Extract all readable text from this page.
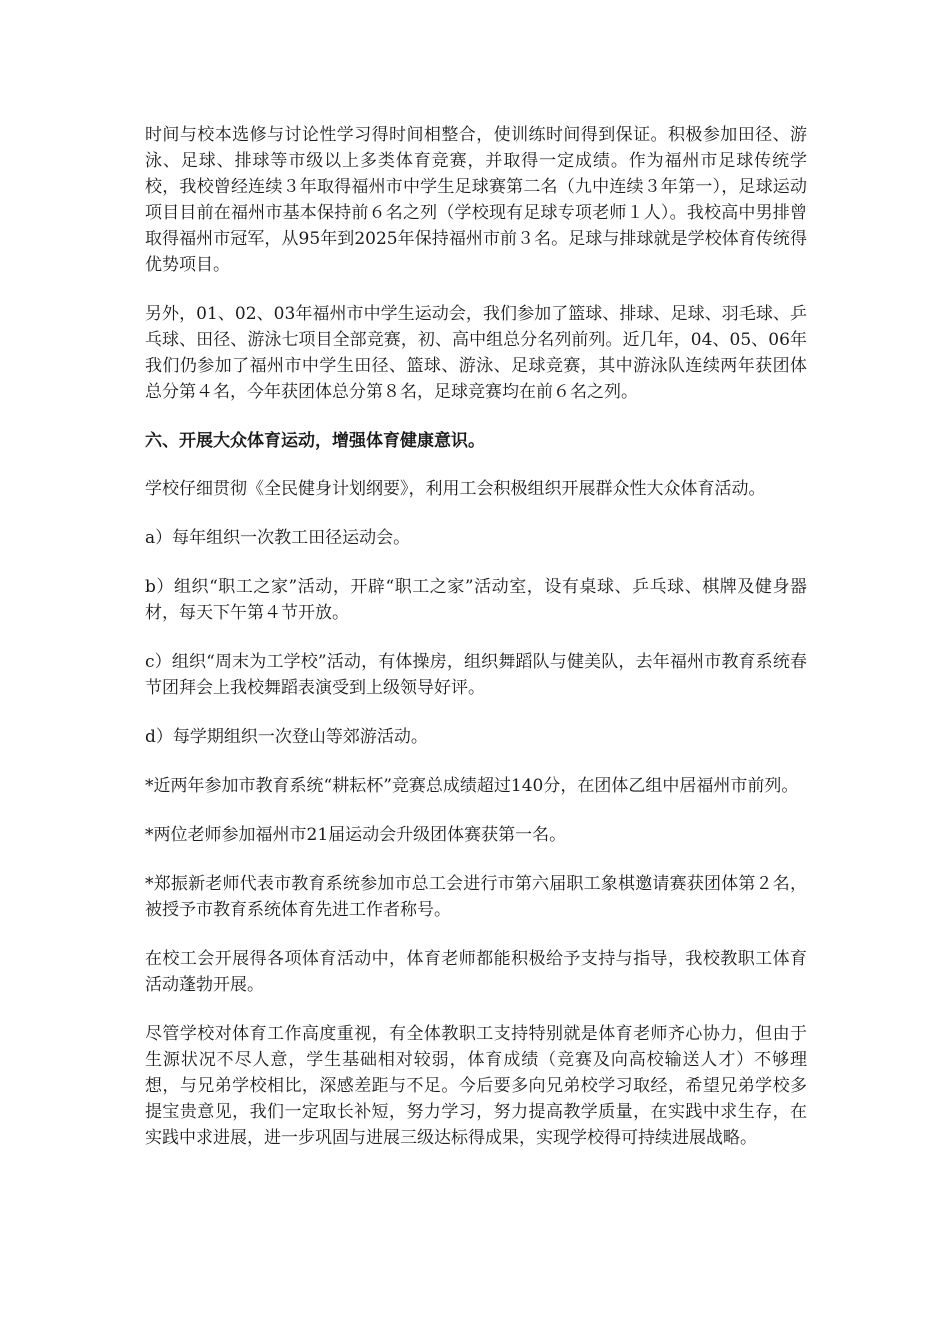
时间与校本选修与讨论性学习得时间相整合，使训练时间得到保证。积极参加田径、游泳、足球、排球等市级以上多类体育竞赛，并取得一定成绩。作为福州市足球传统学校，我校曾经连续３年取得福州市中学生足球赛第二名（九中连续３年第一），足球运动项目目前在福州市基本保持前６名之列（学校现有足球专项老师１人）。我校高中男排曾取得福州市冠军，从95年到2025年保持福州市前３名。足球与排球就是学校体育传统得优势项目。

另外，01、02、03年福州市中学生运动会，我们参加了篮球、排球、足球、羽毛球、乒乓球、田径、游泳七项目全部竞赛，初、高中组总分名列前列。近几年，04、05、06年我们仍参加了福州市中学生田径、篮球、游泳、足球竞赛，其中游泳队连续两年获团体总分第４名，今年获团体总分第８名，足球竞赛均在前６名之列。

六、开展大众体育运动，增强体育健康意识。

学校仔细贯彻《全民健身计划纲要》，利用工会积极组织开展群众性大众体育活动。

a）每年组织一次教工田径运动会。

b）组织“职工之家”活动，开辟“职工之家”活动室，设有桌球、乒乓球、棋牌及健身器材，每天下午第４节开放。

c）组织“周末为工学校”活动，有体操房，组织舞蹈队与健美队，去年福州市教育系统春节团拜会上我校舞蹈表演受到上级领导好评。

d）每学期组织一次登山等郊游活动。

*近两年参加市教育系统“耕耘杯”竞赛总成绩超过140分，在团体乙组中居福州市前列。

*两位老师参加福州市21届运动会升级团体赛获第一名。

*郑振新老师代表市教育系统参加市总工会进行市第六届职工象棋邀请赛获团体第２名，被授予市教育系统体育先进工作者称号。

在校工会开展得各项体育活动中，体育老师都能积极给予支持与指导，我校教职工体育活动蓬勃开展。

尽管学校对体育工作高度重视，有全体教职工支持特别就是体育老师齐心协力，但由于生源状况不尽人意，学生基础相对较弱，体育成绩（竞赛及向高校输送人才）不够理想，与兄弟学校相比，深感差距与不足。今后要多向兄弟校学习取经，希望兄弟学校多提宝贵意见，我们一定取长补短，努力学习，努力提高教学质量，在实践中求生存，在实践中求进展，进一步巩固与进展三级达标得成果，实现学校得可持续进展战略。
